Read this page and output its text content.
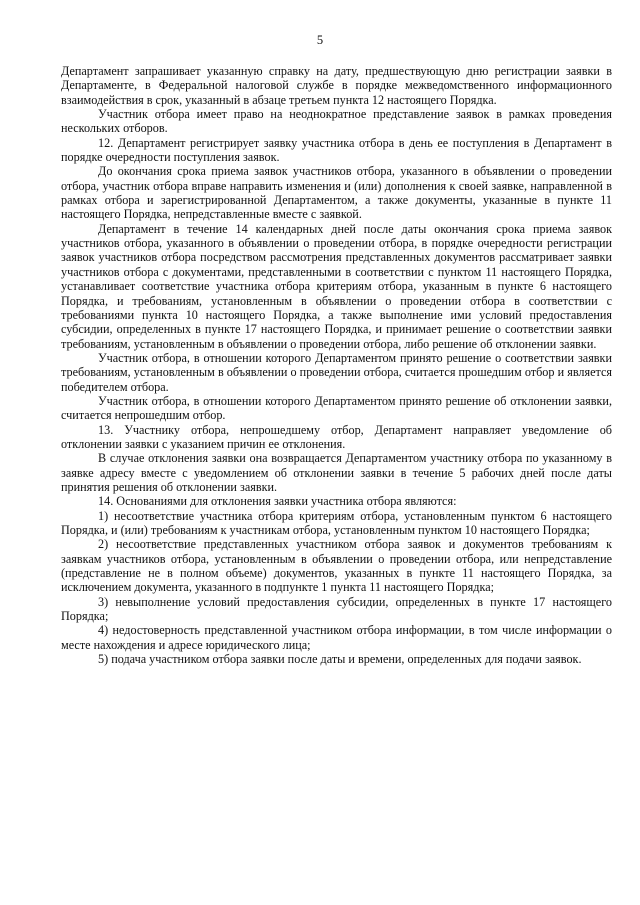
5

Департамент запрашивает указанную справку на дату, предшествующую дню регистрации заявки в Департаменте, в Федеральной налоговой службе в порядке межведомственного информационного взаимодействия в срок, указанный в абзаце третьем пункта 12 настоящего Порядка.

Участник отбора имеет право на неоднократное представление заявок в рамках проведения нескольких отборов.

12. Департамент регистрирует заявку участника отбора в день ее поступления в Департамент в порядке очередности поступления заявок.

До окончания срока приема заявок участников отбора, указанного в объявлении о проведении отбора, участник отбора вправе направить изменения и (или) дополнения к своей заявке, направленной в рамках отбора и зарегистрированной Департаментом, а также документы, указанные в пункте 11 настоящего Порядка, непредставленные вместе с заявкой.

Департамент в течение 14 календарных дней после даты окончания срока приема заявок участников отбора, указанного в объявлении о проведении отбора, в порядке очередности регистрации заявок участников отбора посредством рассмотрения представленных документов рассматривает заявки участников отбора с документами, представленными в соответствии с пунктом 11 настоящего Порядка, устанавливает соответствие участника отбора критериям отбора, указанным в пункте 6 настоящего Порядка, и требованиям, установленным в объявлении о проведении отбора в соответствии с требованиями пункта 10 настоящего Порядка, а также выполнение ими условий предоставления субсидии, определенных в пункте 17 настоящего Порядка, и принимает решение о соответствии заявки требованиям, установленным в объявлении о проведении отбора, либо решение об отклонении заявки.

Участник отбора, в отношении которого Департаментом принято решение о соответствии заявки требованиям, установленным в объявлении о проведении отбора, считается прошедшим отбор и является победителем отбора.

Участник отбора, в отношении которого Департаментом принято решение об отклонении заявки, считается непрошедшим отбор.

13. Участнику отбора, непрошедшему отбор, Департамент направляет уведомление об отклонении заявки с указанием причин ее отклонения.

В случае отклонения заявки она возвращается Департаментом участнику отбора по указанному в заявке адресу вместе с уведомлением об отклонении заявки в течение 5 рабочих дней после даты принятия решения об отклонении заявки.

14. Основаниями для отклонения заявки участника отбора являются:

1) несоответствие участника отбора критериям отбора, установленным пунктом 6 настоящего Порядка, и (или) требованиям к участникам отбора, установленным пунктом 10 настоящего Порядка;

2) несоответствие представленных участником отбора заявок и документов требованиям к заявкам участников отбора, установленным в объявлении о проведении отбора, или непредставление (представление не в полном объеме) документов, указанных в пункте 11 настоящего Порядка, за исключением документа, указанного в подпункте 1 пункта 11 настоящего Порядка;

3) невыполнение условий предоставления субсидии, определенных в пункте 17 настоящего Порядка;

4) недостоверность представленной участником отбора информации, в том числе информации о месте нахождения и адресе юридического лица;

5) подача участником отбора заявки после даты и времени, определенных для подачи заявок.
